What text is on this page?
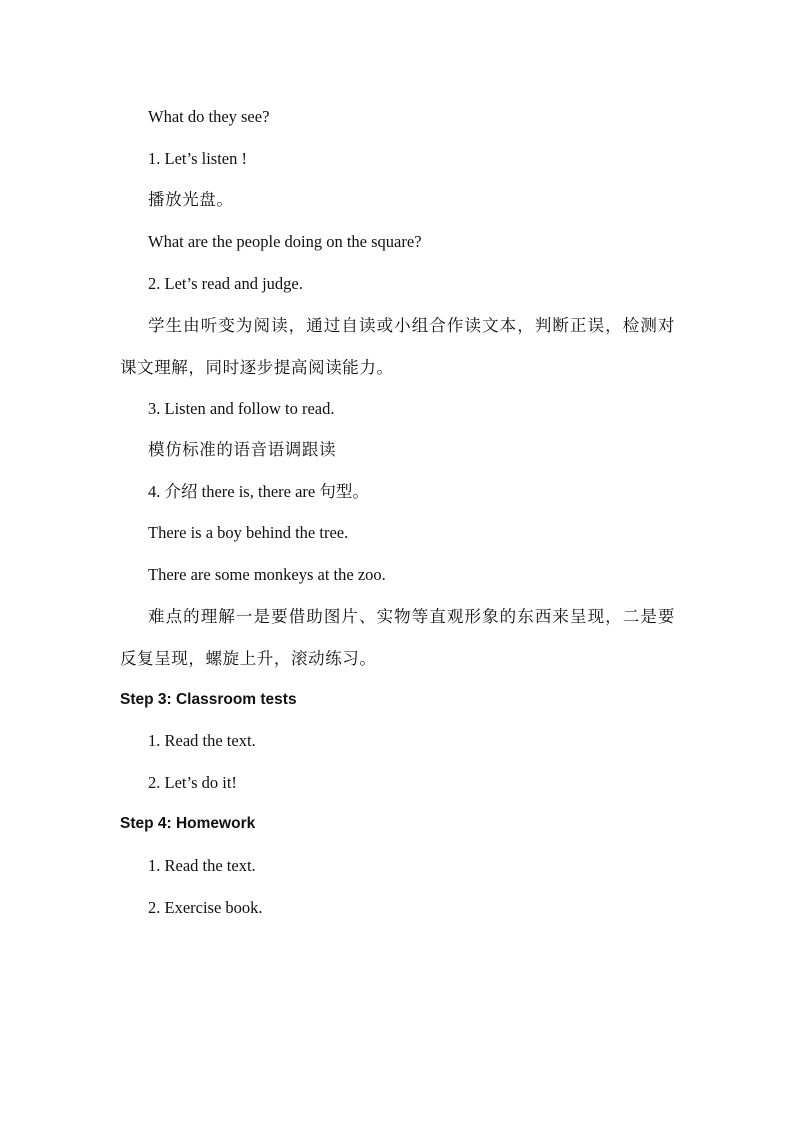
What do they see?
1. Let’s listen !
播放光盘。
What are the people doing on the square?
2. Let’s read and judge.
学生由听变为阅读，通过自读或小组合作读文本，判断正误，检测对课文理解，同时逐步提高阅读能力。
3. Listen and follow to read.
模仿标准的语音语调跟读
4. 介绍 there is, there are 句型。
There is a boy behind the tree.
There are some monkeys at the zoo.
难点的理解一是要借助图片、实物等直观形象的东西来呈现，二是要反复呈现，螺旋上升，滚动练习。
Step 3: Classroom tests
1. Read the text.
2. Let’s do it!
Step 4: Homework
1. Read the text.
2. Exercise book.
